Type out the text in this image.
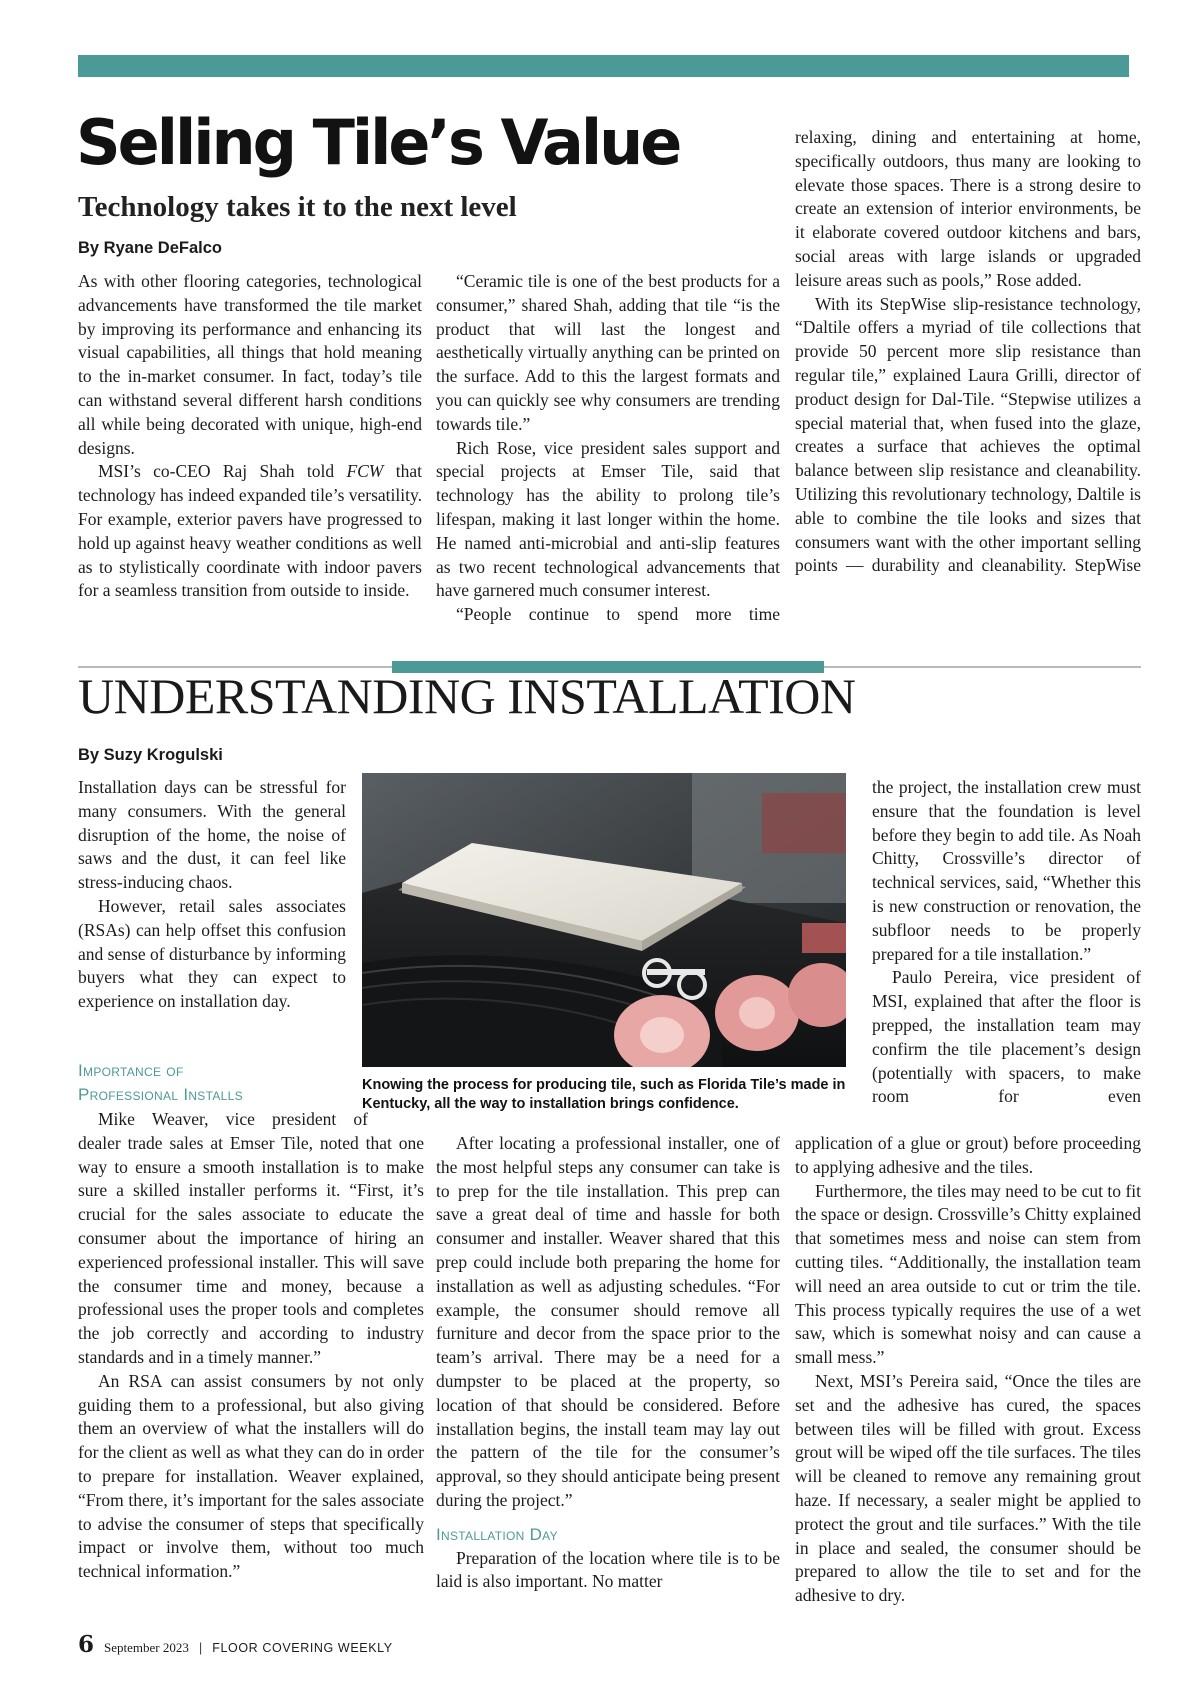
Selling Tile’s Value
Technology takes it to the next level

By Ryane DeFalco

As with other flooring categories, technological advancements have transformed the tile market by improving its performance and enhancing its visual capabilities, all things that hold meaning to the in-market consumer. In fact, today’s tile can withstand several different harsh conditions all while being decorated with unique, high-end designs.

MSI’s co-CEO Raj Shah told FCW that technology has indeed expanded tile’s versatility. For example, exterior pavers have progressed to hold up against heavy weather conditions as well as to stylistically coordinate with indoor pavers for a seamless transition from outside to inside.

“Ceramic tile is one of the best products for a consumer,” shared Shah, adding that tile “is the product that will last the longest and aesthetically virtually anything can be printed on the surface. Add to this the largest formats and you can quickly see why consumers are trending towards tile.”

Rich Rose, vice president sales support and special projects at Emser Tile, said that technology has the ability to prolong tile’s lifespan, making it last longer within the home. He named anti-microbial and anti-slip features as two recent technological advancements that have garnered much consumer interest.

“People continue to spend more time

relaxing, dining and entertaining at home, specifically outdoors, thus many are looking to elevate those spaces. There is a strong desire to create an extension of interior environments, be it elaborate covered outdoor kitchens and bars, social areas with large islands or upgraded leisure areas such as pools,” Rose added.

With its StepWise slip-resistance technology, “Daltile offers a myriad of tile collections that provide 50 percent more slip resistance than regular tile,” explained Laura Grilli, director of product design for Dal-Tile. “Stepwise utilizes a special material that, when fused into the glaze, creates a surface that achieves the optimal balance between slip resistance and cleanability. Utilizing this revolutionary technology, Daltile is able to combine the tile looks and sizes that consumers want with the other important selling points — durability and cleanability. StepWise

UNDERSTANDING INSTALLATION

By Suzy Krogulski

Installation days can be stressful for many consumers. With the general disruption of the home, the noise of saws and the dust, it can feel like stress-inducing chaos.

However, retail sales associates (RSAs) can help offset this confusion and sense of disturbance by informing buyers what they can expect to experience on installation day.

Importance of

Professional Installs

Mike Weaver, vice president of

dealer trade sales at Emser Tile, noted that one way to ensure a smooth installation is to make sure a skilled installer performs it. “First, it’s crucial for the sales associate to educate the consumer about the importance of hiring an experienced professional installer. This will save the consumer time and money, because a professional uses the proper tools and completes the job correctly and according to industry standards and in a timely manner.”

An RSA can assist consumers by not only guiding them to a professional, but also giving them an overview of what the installers will do for the client as well as what they can do in order to prepare for installation. Weaver explained, “From there, it’s important for the sales associate to advise the consumer of steps that specifically impact or involve them, without too much technical information.”

Knowing the process for producing tile, such as Florida Tile’s made in Kentucky, all the way to installation brings confidence.

After locating a professional installer, one of the most helpful steps any consumer can take is to prep for the tile installation. This prep can save a great deal of time and hassle for both consumer and installer. Weaver shared that this prep could include both preparing the home for installation as well as adjusting schedules. “For example, the consumer should remove all furniture and decor from the space prior to the team’s arrival. There may be a need for a dumpster to be placed at the property, so location of that should be considered. Before installation begins, the install team may lay out the pattern of the tile for the consumer’s approval, so they should anticipate being present during the project.”

Installation Day

Preparation of the location where tile is to be laid is also important. No matter

the project, the installation crew must ensure that the foundation is level before they begin to add tile. As Noah Chitty, Crossville’s director of technical services, said, “Whether this is new construction or renovation, the subfloor needs to be properly prepared for a tile installation.”

Paulo Pereira, vice president of MSI, explained that after the floor is prepped, the installation team may confirm the tile placement’s design (potentially with spacers, to make room for even

application of a glue or grout) before proceeding to applying adhesive and the tiles.

Furthermore, the tiles may need to be cut to fit the space or design. Crossville’s Chitty explained that sometimes mess and noise can stem from cutting tiles. “Additionally, the installation team will need an area outside to cut or trim the tile. This process typically requires the use of a wet saw, which is somewhat noisy and can cause a small mess.”

Next, MSI’s Pereira said, “Once the tiles are set and the adhesive has cured, the spaces between tiles will be filled with grout. Excess grout will be wiped off the tile surfaces. The tiles will be cleaned to remove any remaining grout haze. If necessary, a sealer might be applied to protect the grout and tile surfaces.” With the tile in place and sealed, the consumer should be prepared to allow the tile to set and for the adhesive to dry.

6 September 2023 | FLOOR COVERING WEEKLY
